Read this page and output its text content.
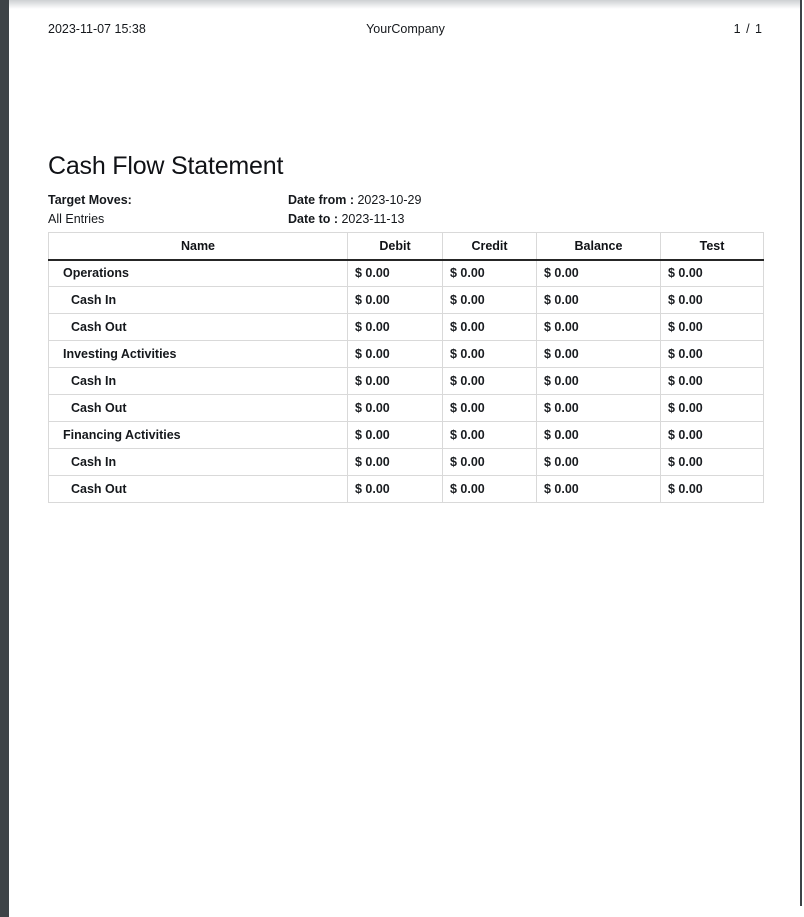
2023-11-07 15:38	YourCompany	1 / 1
Cash Flow Statement
Target Moves:	Date from : 2023-10-29
All Entries	Date to : 2023-11-13
Name	Debit	Credit	Balance	Test
Operations	$ 0.00	$ 0.00	$ 0.00	$ 0.00
Cash In	$ 0.00	$ 0.00	$ 0.00	$ 0.00
Cash Out	$ 0.00	$ 0.00	$ 0.00	$ 0.00
Investing Activities	$ 0.00	$ 0.00	$ 0.00	$ 0.00
Cash In	$ 0.00	$ 0.00	$ 0.00	$ 0.00
Cash Out	$ 0.00	$ 0.00	$ 0.00	$ 0.00
Financing Activities	$ 0.00	$ 0.00	$ 0.00	$ 0.00
Cash In	$ 0.00	$ 0.00	$ 0.00	$ 0.00
Cash Out	$ 0.00	$ 0.00	$ 0.00	$ 0.00
